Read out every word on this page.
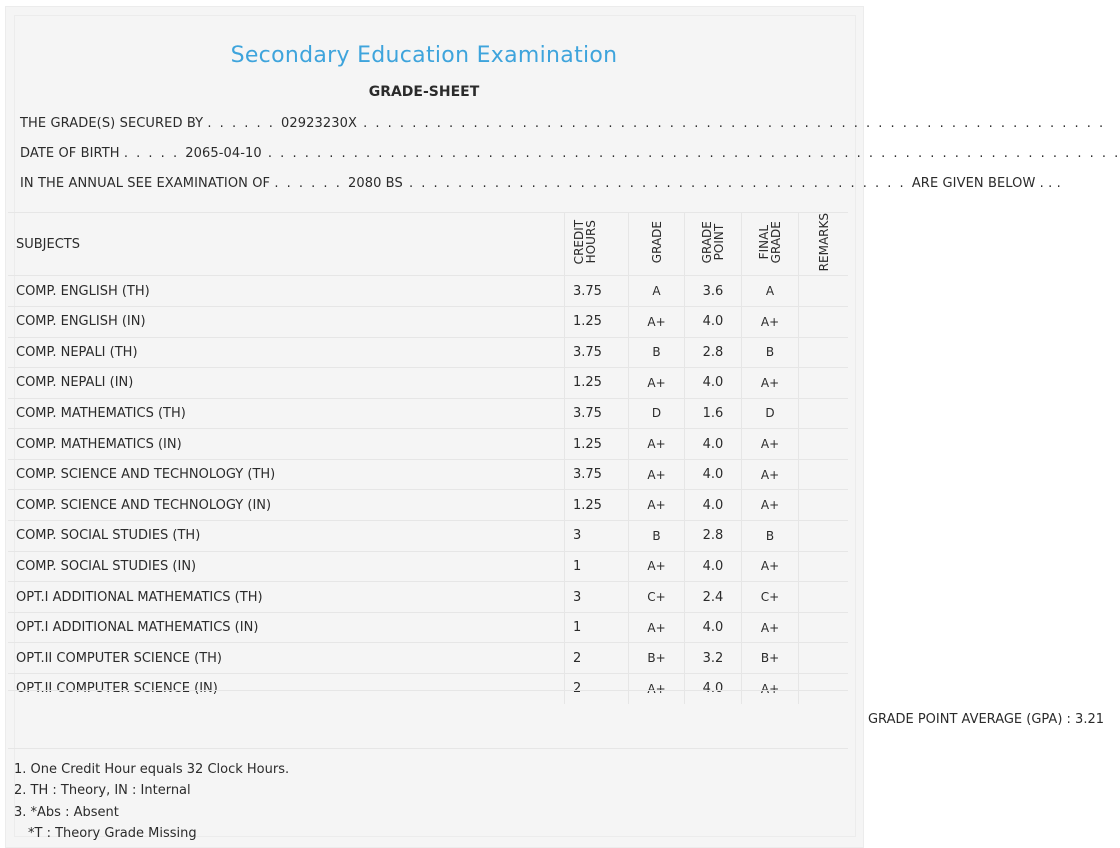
Secondary Education Examination
GRADE-SHEET
THE GRADE(S) SECURED BY . . . . . . 02923230X . . . . . . . . . . . . . . . . . . . . . . . . . . . . . . . . . . . . . . . . . . . . . . . . . . . . . . . . . . . . .
DATE OF BIRTH . . . . . 2065-04-10 . . . . . . . . . . . . . . . . . . . . . . . . . . . . . . . . . . . . . . . . . . . . . . . . . . . . . . . . . . . . . . . . . . . . . .
IN THE ANNUAL SEE EXAMINATION OF . . . . . . 2080 BS . . . . . . . . . . . . . . . . . . . . . . . . . . . . . . . . . . . . . . . . . ARE GIVEN BELOW . . .
SUBJECTS	CREDIT HOURS	GRADE	GRADE POINT	FINAL GRADE	REMARKS
COMP. ENGLISH (TH)	3.75	A	3.6	A	
COMP. ENGLISH (IN)	1.25	A+	4.0	A+	
COMP. NEPALI (TH)	3.75	B	2.8	B	
COMP. NEPALI (IN)	1.25	A+	4.0	A+	
COMP. MATHEMATICS (TH)	3.75	D	1.6	D	
COMP. MATHEMATICS (IN)	1.25	A+	4.0	A+	
COMP. SCIENCE AND TECHNOLOGY (TH)	3.75	A+	4.0	A+	
COMP. SCIENCE AND TECHNOLOGY (IN)	1.25	A+	4.0	A+	
COMP. SOCIAL STUDIES (TH)	3	B	2.8	B	
COMP. SOCIAL STUDIES (IN)	1	A+	4.0	A+	
OPT.I ADDITIONAL MATHEMATICS (TH)	3	C+	2.4	C+	
OPT.I ADDITIONAL MATHEMATICS (IN)	1	A+	4.0	A+	
OPT.II COMPUTER SCIENCE (TH)	2	B+	3.2	B+	
OPT.II COMPUTER SCIENCE (IN)	2	A+	4.0	A+	
GRADE POINT AVERAGE (GPA) : 3.21
1. One Credit Hour equals 32 Clock Hours.
2. TH : Theory, IN : Internal
3. *Abs : Absent
*T : Theory Grade Missing
